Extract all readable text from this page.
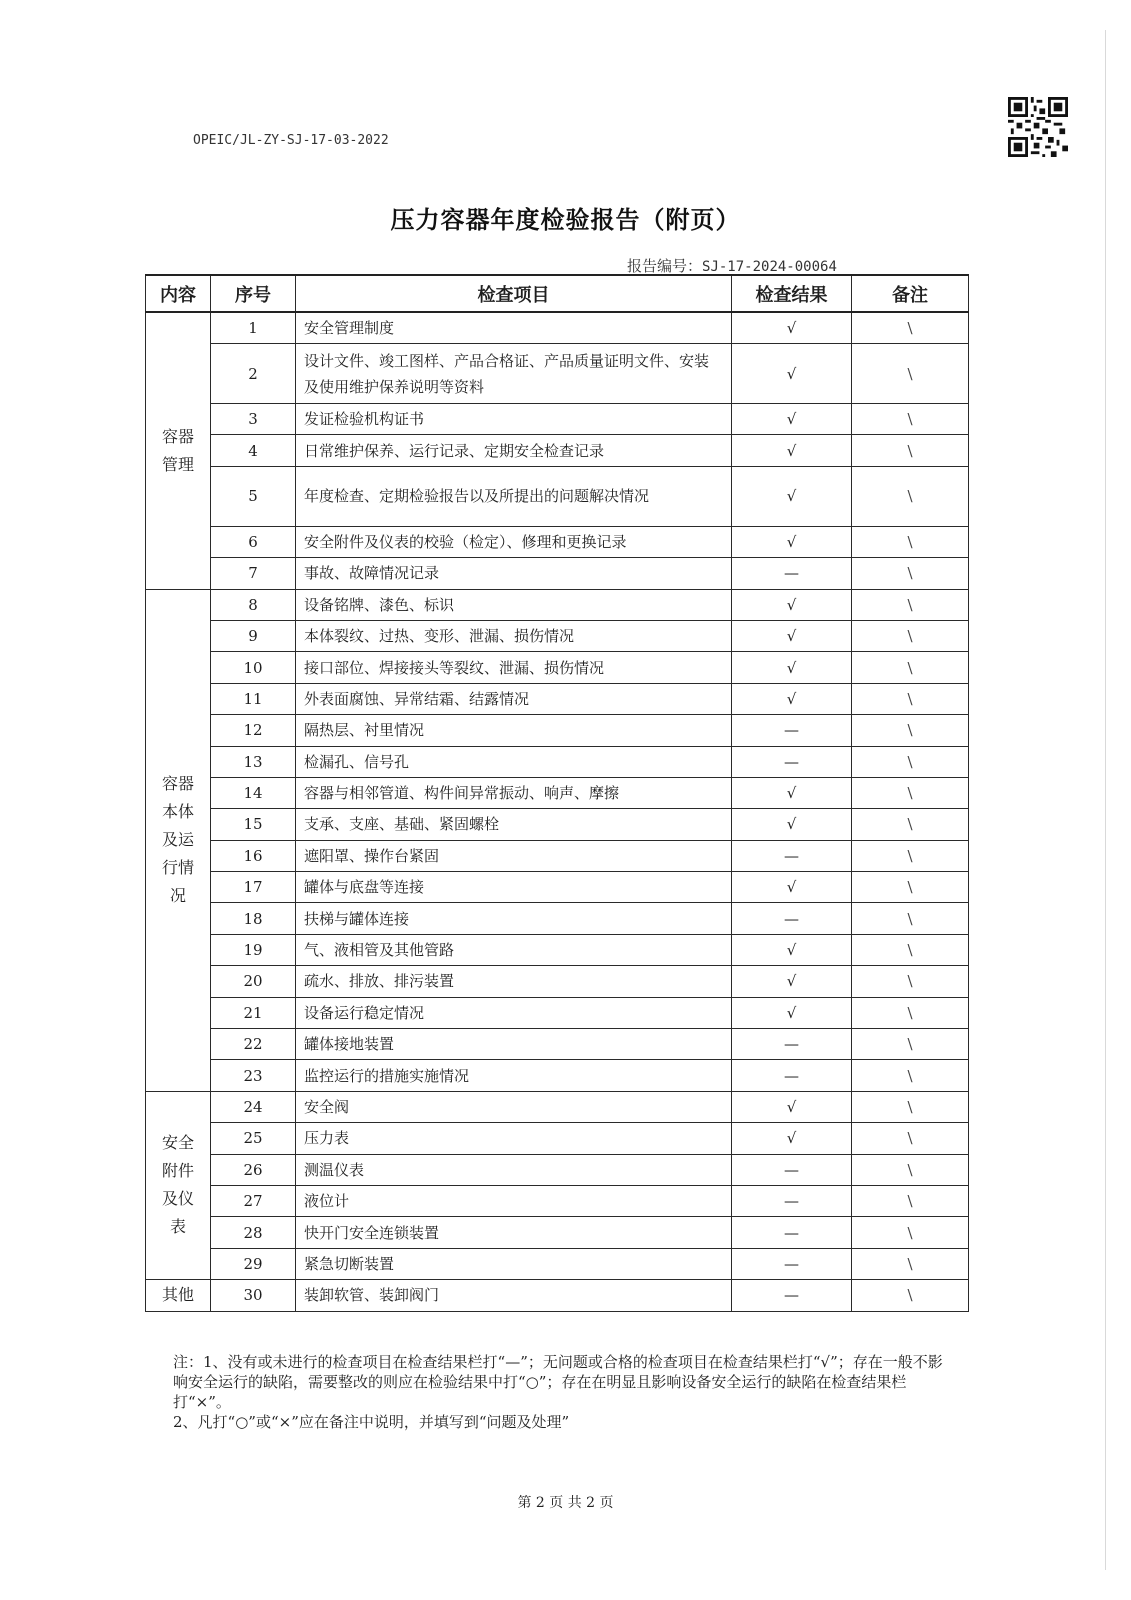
OPEIC/JL-ZY-SJ-17-03-2022
压力容器年度检验报告（附页）
报告编号：SJ-17-2024-00064
内容	序号	检查项目	检查结果	备注
容器管理	1	安全管理制度	√	\
	2	设计文件、竣工图样、产品合格证、产品质量证明文件、安装及使用维护保养说明等资料	√	\
	3	发证检验机构证书	√	\
	4	日常维护保养、运行记录、定期安全检查记录	√	\
	5	年度检查、定期检验报告以及所提出的问题解决情况	√	\
	6	安全附件及仪表的校验（检定）、修理和更换记录	√	\
	7	事故、故障情况记录	—	\
容器本体及运行情况	8	设备铭牌、漆色、标识	√	\
	9	本体裂纹、过热、变形、泄漏、损伤情况	√	\
	10	接口部位、焊接接头等裂纹、泄漏、损伤情况	√	\
	11	外表面腐蚀、异常结霜、结露情况	√	\
	12	隔热层、衬里情况	—	\
	13	检漏孔、信号孔	—	\
	14	容器与相邻管道、构件间异常振动、响声、摩擦	√	\
	15	支承、支座、基础、紧固螺栓	√	\
	16	遮阳罩、操作台紧固	—	\
	17	罐体与底盘等连接	√	\
	18	扶梯与罐体连接	—	\
	19	气、液相管及其他管路	√	\
	20	疏水、排放、排污装置	√	\
	21	设备运行稳定情况	√	\
	22	罐体接地装置	—	\
	23	监控运行的措施实施情况	—	\
安全附件及仪表	24	安全阀	√	\
	25	压力表	√	\
	26	测温仪表	—	\
	27	液位计	—	\
	28	快开门安全连锁装置	—	\
	29	紧急切断装置	—	\
其他	30	装卸软管、装卸阀门	—	\
注：1、没有或未进行的检查项目在检查结果栏打“—”；无问题或合格的检查项目在检查结果栏打“√”；存在一般不影响安全运行的缺陷，需要整改的则应在检验结果中打“○”；存在在明显且影响设备安全运行的缺陷在检查结果栏打“×”。
2、凡打“○”或“×”应在备注中说明，并填写到“问题及处理”
第 2 页 共 2 页
